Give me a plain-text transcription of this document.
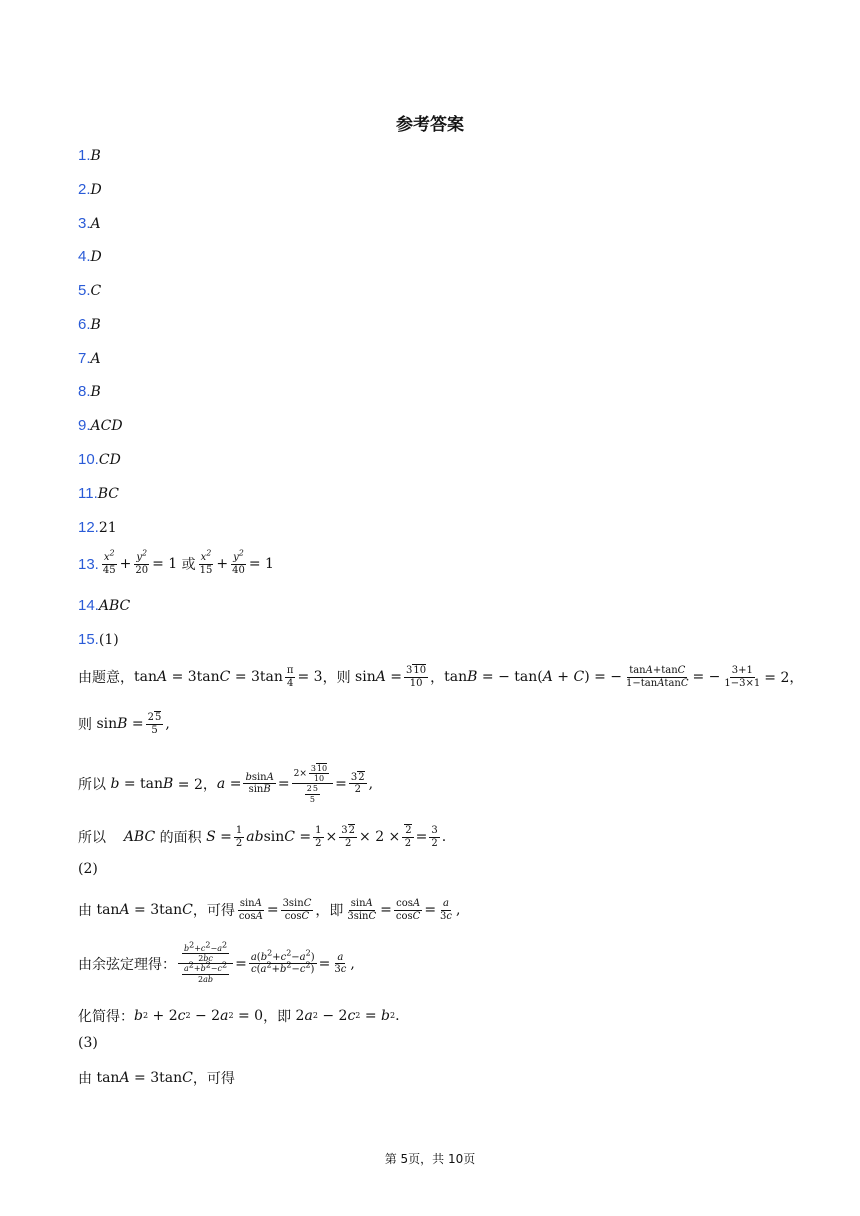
参考答案
1.B
2.D
3.A
4.D
5.C
6.B
7.A
8.B
9.ACD
10.CD
11.BC
12.21
13. $\frac{x^2}{45} + \frac{y^2}{20} = 1$
或 $\frac{x^2}{15} + \frac{y^2}{40} = 1$
14.ABC
15.(1)
由题意， tan A = 3tan $C = 3\tan \frac{\pi}{4} = 3$ ，则 $\sin A = \frac{310}{10}$ ， tan B = − tan( A + C ) = − $\frac{\tan A+\tan C}{\text{1−tanAtanC}}$ = − $\frac{3+1}{1-3\times 1} = 2$，
则 $\sin B = \frac{25}{5}$ ,
所以
b = tan B = 2， $a = \frac{bsinA}{\sin B} = \frac{2\times \frac{310}{10}}{\frac{25}{5}} = \frac{32}{2}$ ,
所以
ABC
的面积
$S = \frac{1}{2}$ ab $\sin C = \frac{1}{2} \times \frac{32}{2} \times 2 \times \frac{2}{2} = \frac{3}{2}$ .
(2)
由 tan A = 3tan C ，可得 $\frac{\sin A}{\cos A} = \frac{3\sin C}{\cos C}$ ，即 $\frac{\sin A}{3\sin C} = \frac{\cos A}{\cos C} = \frac{a}{3c}$ ,
由余弦定理得： $\frac{\frac{b2+c2-a2}{2bc}}{\frac{a2+b2-c2}{2ab}} = \frac{a(b^2+c^2-a^2)}{c(a^2+b^2-c^2)} = \frac{a}{3c}$ ,
化简得： b 2 + 2 c 2 − 2 a 2 = 0 ，即 2 a 2 − 2 c 2 = b 2 .
(3)
由 tan A = 3tan C ，可得
第 5页，共 10页
